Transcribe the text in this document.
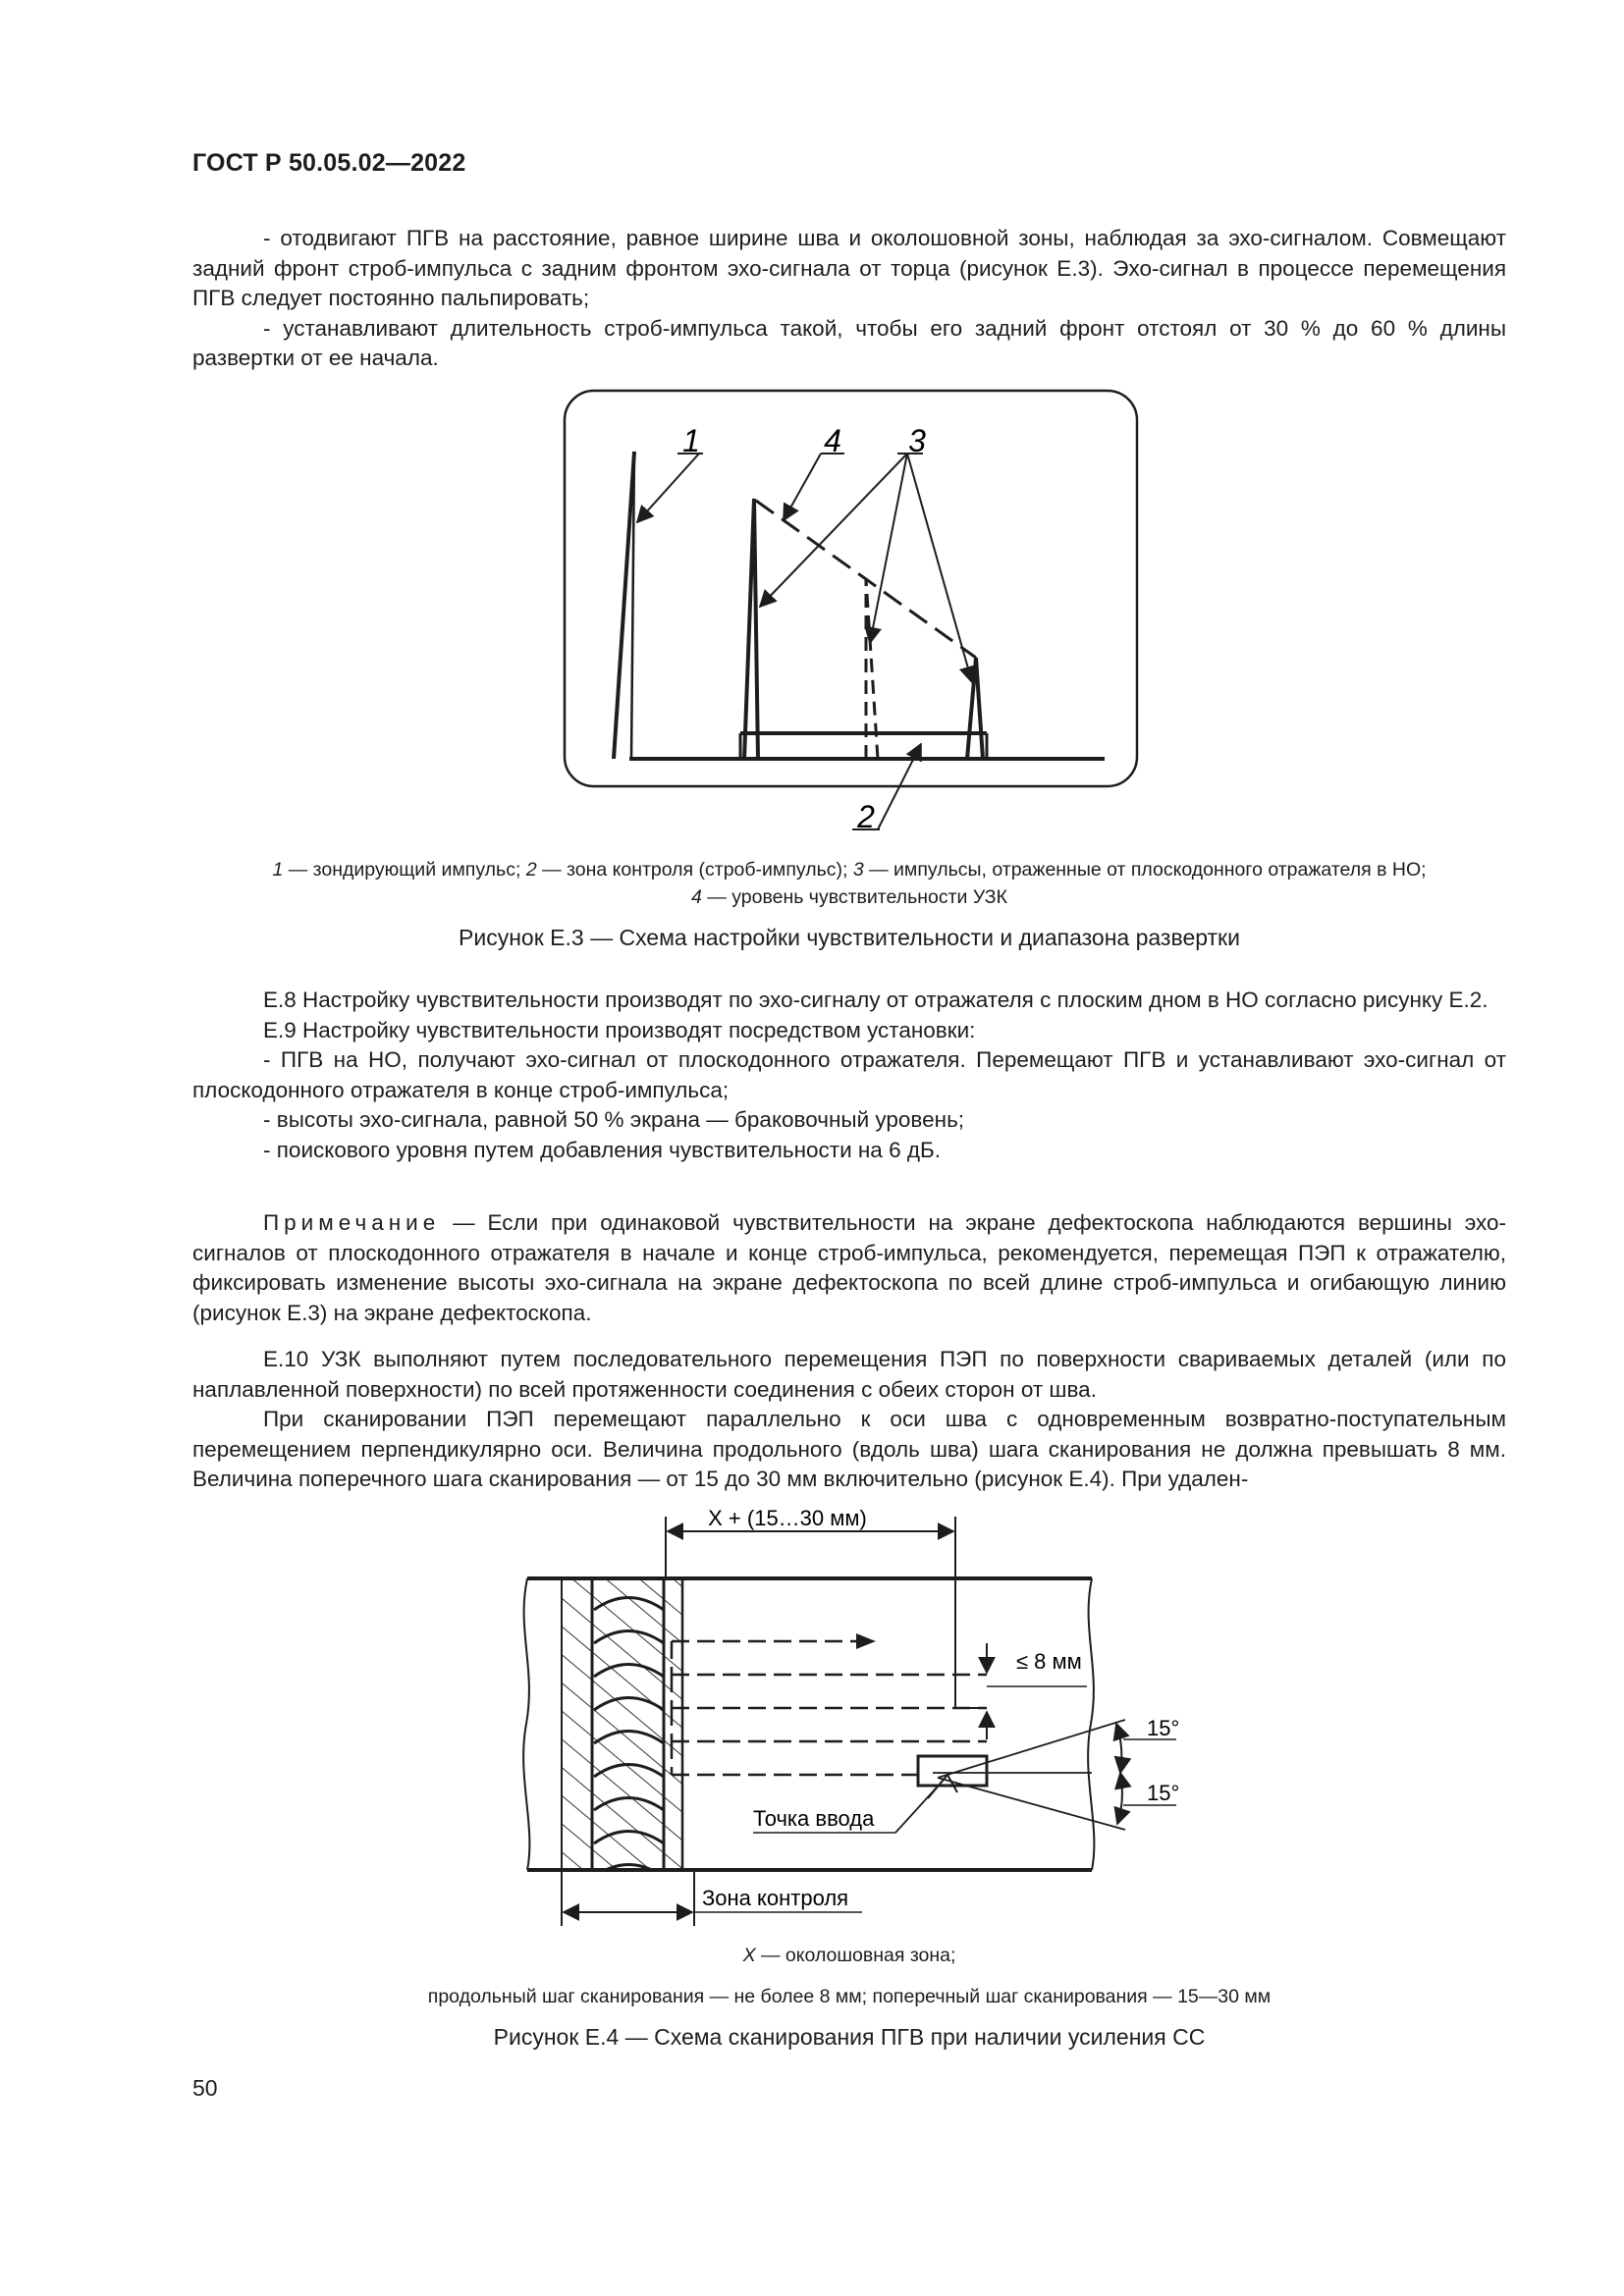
ГОСТ Р 50.05.02—2022

- отодвигают ПГВ на расстояние, равное ширине шва и околошовной зоны, наблюдая за эхо-сигналом. Совмещают задний фронт строб-импульса с задним фронтом эхо-сигнала от торца (рисунок Е.3). Эхо-сигнал в процессе перемещения ПГВ следует постоянно пальпировать;

- устанавливают длительность строб-импульса такой, чтобы его задний фронт отстоял от 30 % до 60 % длины развертки от ее начала.

1	4 3
2
1 — зондирующий импульс; 2 — зона контроля (строб-импульс); 3 — импульсы, отраженные от плоскодонного отражателя в НО;
4 — уровень чувствительности УЗК
Рисунок Е.3 — Схема настройки чувствительности и диапазона развертки

Е.8 Настройку чувствительности производят по эхо-сигналу от отражателя с плоским дном в НО согласно рисунку Е.2.

Е.9 Настройку чувствительности производят посредством установки:

- ПГВ на НО, получают эхо-сигнал от плоскодонного отражателя. Перемещают ПГВ и устанавливают эхо-сигнал от плоскодонного отражателя в конце строб-импульса;

- высоты эхо-сигнала, равной 50 % экрана — браковочный уровень;

- поискового уровня путем добавления чувствительности на 6 дБ.

Примечание — Если при одинаковой чувствительности на экране дефектоскопа наблюдаются вершины эхо-сигналов от плоскодонного отражателя в начале и конце строб-импульса, рекомендуется, перемещая ПЭП к отражателю, фиксировать изменение высоты эхо-сигнала на экране дефектоскопа по всей длине строб-импульса и огибающую линию (рисунок Е.3) на экране дефектоскопа.

Е.10 УЗК выполняют путем последовательного перемещения ПЭП по поверхности свариваемых деталей (или по наплавленной поверхности) по всей протяженности соединения с обеих сторон от шва.

При сканировании ПЭП перемещают параллельно к оси шва с одновременным возвратно-поступательным перемещением перпендикулярно оси. Величина продольного (вдоль шва) шага сканирования не должна превышать 8 мм. Величина поперечного шага сканирования — от 15 до 30 мм включительно (рисунок Е.4). При удален-

X + (15…30 мм)
≤ 8 мм
15°
15°
Точка ввода
Зона контроля
X — околошовная зона;
продольный шаг сканирования — не более 8 мм; поперечный шаг сканирования — 15—30 мм
Рисунок Е.4 — Схема сканирования ПГВ при наличии усиления СС
50
